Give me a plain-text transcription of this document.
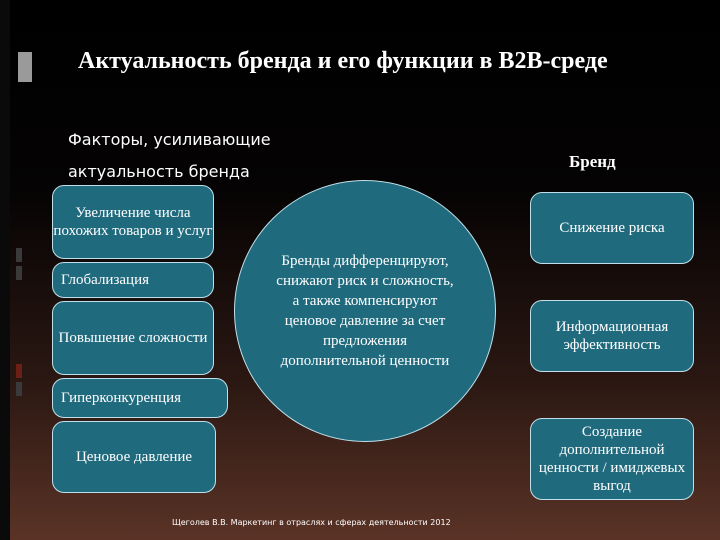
Актуальность бренда и его функции в B2B-среде
Факторы, усиливающие
актуальность бренда
Бренд
Увеличение числа похожих товаров и услуг
Глобализация
Повышение сложности
Гиперконкуренция
Ценовое давление
Бренды дифференцируют, снижают риск и сложность, а также компенсируют ценовое давление за счет предложения дополнительной ценности
Снижение риска
Информационная эффективность
Создание дополнительной ценности / имиджевых выгод
Щеголев В.В. Маркетинг в отраслях и сферах деятельности 2012
